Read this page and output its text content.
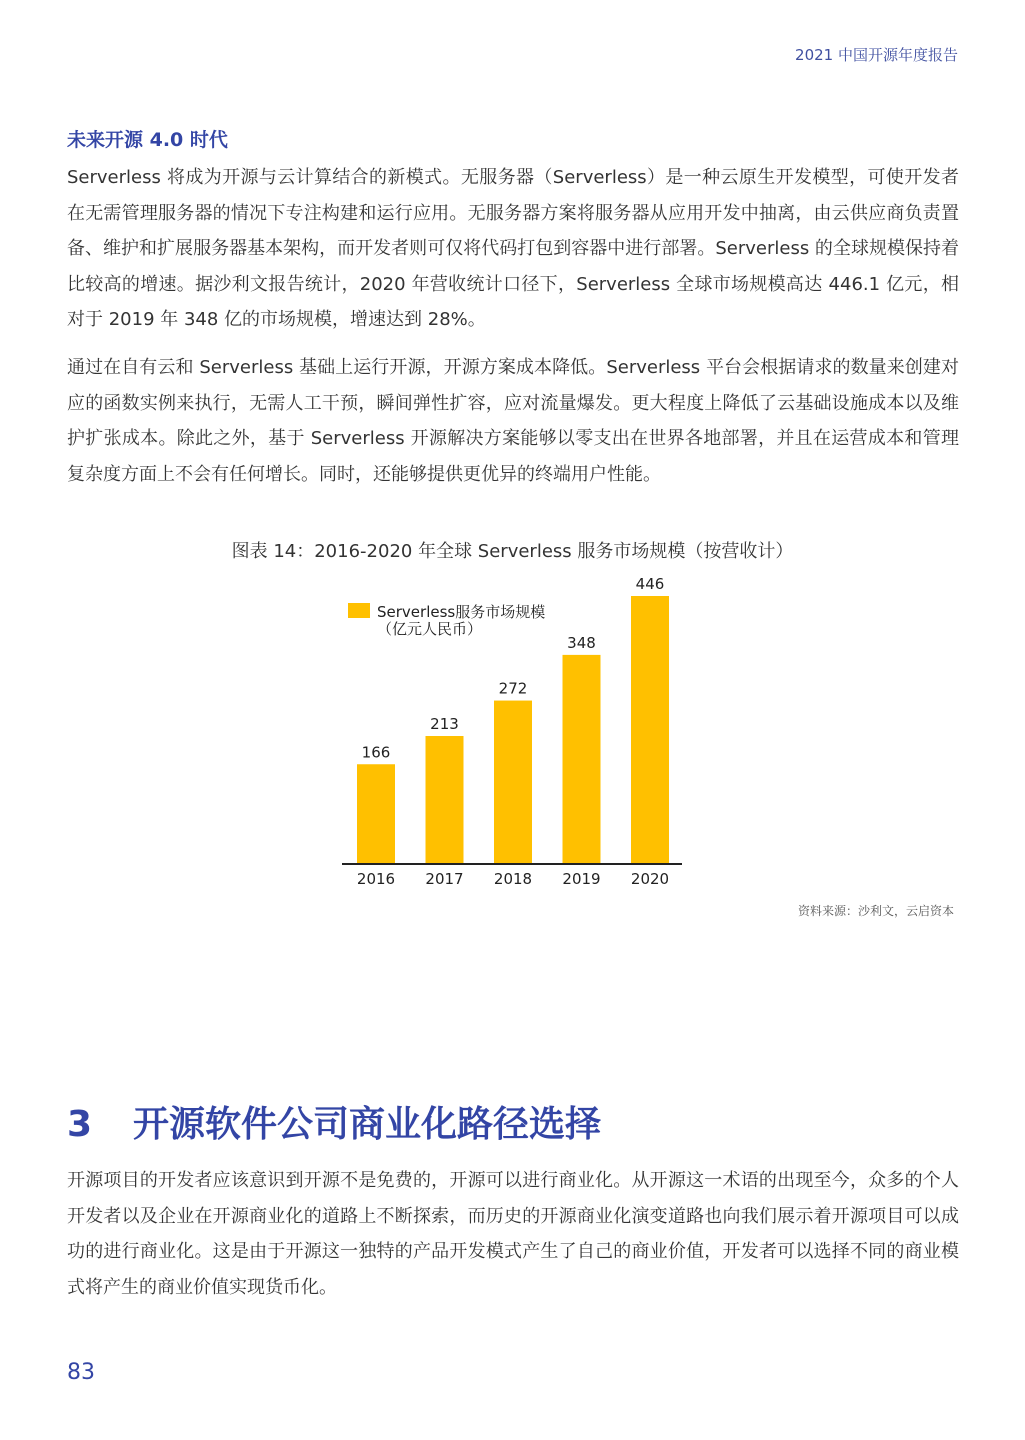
2021 中国开源年度报告
未来开源 4.0 时代

Serverless 将成为开源与云计算结合的新模式。无服务器（Serverless）是一种云原生开发模型，可使开发者在无需管理服务器的情况下专注构建和运行应用。无服务器方案将服务器从应用开发中抽离，由云供应商负责置备、维护和扩展服务器基本架构，而开发者则可仅将代码打包到容器中进行部署。Serverless 的全球规模保持着比较高的增速。据沙利文报告统计，2020 年营收统计口径下，Serverless 全球市场规模高达 446.1 亿元，相对于 2019 年 348 亿的市场规模，增速达到 28%。

通过在自有云和 Serverless 基础上运行开源，开源方案成本降低。Serverless 平台会根据请求的数量来创建对应的函数实例来执行，无需人工干预，瞬间弹性扩容，应对流量爆发。更大程度上降低了云基础设施成本以及维护扩张成本。除此之外，基于 Serverless 开源解决方案能够以零支出在世界各地部署，并且在运营成本和管理复杂度方面上不会有任何增长。同时，还能够提供更优异的终端用户性能。

图表 14：2016-2020 年全球 Serverless 服务市场规模（按营收计）
Serverless服务市场规模
（亿元人民币）
166
2016
213
2017
272
2018
348
2019
446
2020
资料来源：沙利文，云启资本
3 开源软件公司商业化路径选择

开源项目的开发者应该意识到开源不是免费的，开源可以进行商业化。从开源这一术语的出现至今，众多的个人开发者以及企业在开源商业化的道路上不断探索，而历史的开源商业化演变道路也向我们展示着开源项目可以成功的进行商业化。这是由于开源这一独特的产品开发模式产生了自己的商业价值，开发者可以选择不同的商业模式将产生的商业价值实现货币化。

83
